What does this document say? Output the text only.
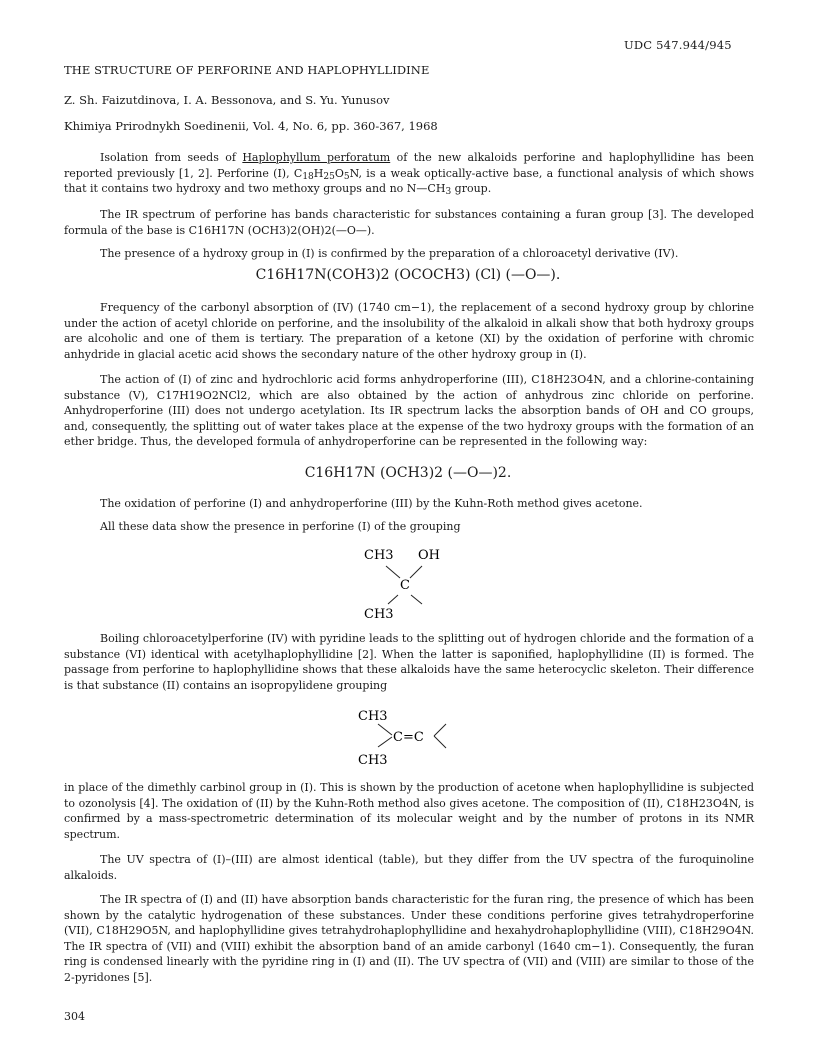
UDC 547.944/945
THE STRUCTURE OF PERFORINE AND HAPLOPHYLLIDINE
Z. Sh. Faizutdinova, I. A. Bessonova, and S. Yu. Yunusov
Khimiya Prirodnykh Soedinenii, Vol. 4, No. 6, pp. 360-367, 1968

Isolation from seeds of Haplophyllum perforatum of the new alkaloids perforine and haplophyllidine has been reported previously [1, 2]. Perforine (I), $C_{18}H_{25}O_5N$, is a weak optically-active base, a functional analysis of which shows that it contains two hydroxy and two methoxy groups and no $N—CH_3$ group.

The IR spectrum of perforine has bands characteristic for substances containing a furan group [3]. The developed formula of the base is C16H17N (OCH3)2(OH)2(—O—).

The presence of a hydroxy group in (I) is confirmed by the preparation of a chloroacetyl derivative (IV).

C16H17N(COH3)2 (OCOCH3) (Cl) (—O—).

Frequency of the carbonyl absorption of (IV) (1740 cm−1), the replacement of a second hydroxy group by chlorine under the action of acetyl chloride on perforine, and the insolubility of the alkaloid in alkali show that both hydroxy groups are alcoholic and one of them is tertiary. The preparation of a ketone (XI) by the oxidation of perforine with chromic anhydride in glacial acetic acid shows the secondary nature of the other hydroxy group in (I).

The action of (I) of zinc and hydrochloric acid forms anhydroperforine (III), C18H23O4N, and a chlorine-containing substance (V), C17H19O2NCl2, which are also obtained by the action of anhydrous zinc chloride on perforine. Anhydroperforine (III) does not undergo acetylation. Its IR spectrum lacks the absorption bands of OH and CO groups, and, consequently, the splitting out of water takes place at the expense of the two hydroxy groups with the formation of an ether bridge. Thus, the developed formula of anhydroperforine can be represented in the following way:

C16H17N (OCH3)2 (—O—)2.

The oxidation of perforine (I) and anhydroperforine (III) by the Kuhn-Roth method gives acetone.

All these data show the presence in perforine (I) of the grouping

CH3 OH
C
CH3

Boiling chloroacetylperforine (IV) with pyridine leads to the splitting out of hydrogen chloride and the formation of a substance (VI) identical with acetylhaplophyllidine [2]. When the latter is saponified, haplophyllidine (II) is formed. The passage from perforine to haplophyllidine shows that these alkaloids have the same heterocyclic skeleton. Their difference is that substance (II) contains an isopropylidene grouping

CH3
C=C
CH3

in place of the dimethly carbinol group in (I). This is shown by the production of acetone when haplophyllidine is subjected to ozonolysis [4]. The oxidation of (II) by the Kuhn-Roth method also gives acetone. The composition of (II), C18H23O4N, is confirmed by a mass-spectrometric determination of its molecular weight and by the number of protons in its NMR spectrum.

The UV spectra of (I)–(III) are almost identical (table), but they differ from the UV spectra of the furoquinoline alkaloids.

The IR spectra of (I) and (II) have absorption bands characteristic for the furan ring, the presence of which has been shown by the catalytic hydrogenation of these substances. Under these conditions perforine gives tetrahydroperforine (VII), C18H29O5N, and haplophyllidine gives tetrahydrohaplophyllidine and hexahydrohaplophyllidine (VIII), C18H29O4N. The IR spectra of (VII) and (VIII) exhibit the absorption band of an amide carbonyl (1640 cm−1). Consequently, the furan ring is condensed linearly with the pyridine ring in (I) and (II). The UV spectra of (VII) and (VIII) are similar to those of the 2-pyridones [5].

304
